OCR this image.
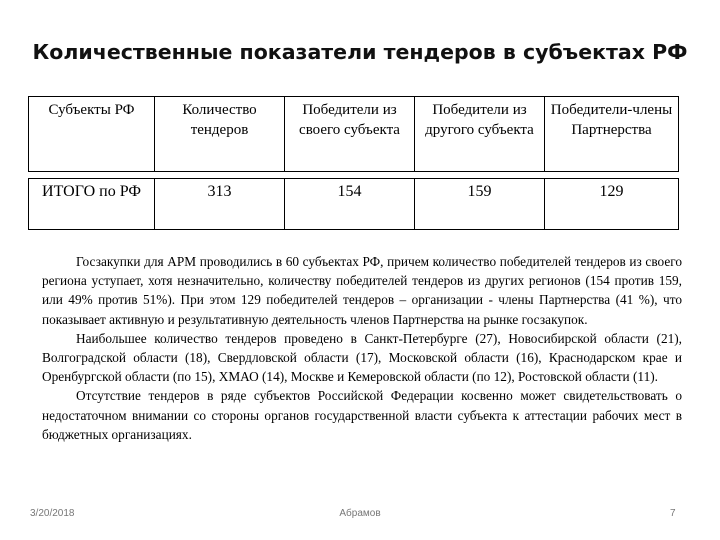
Количественные показатели тендеров в субъектах РФ
Субъекты РФ	Количество тендеров	Победители из своего субъекта	Победители из другого субъекта	Победители-члены Партнерства

ИТОГО по РФ	313	154	159	129

Госзакупки для АРМ проводились в 60 субъектах РФ, причем количество победителей тендеров из своего региона уступает, хотя незначительно, количеству победителей тендеров из других регионов (154 против 159, или 49% против 51%). При этом 129 победителей тендеров – организации - члены Партнерства (41 %), что показывает активную и результативную деятельность членов Партнерства на рынке госзакупок.

Наибольшее количество тендеров проведено в Санкт-Петербурге (27), Новосибирской области (21), Волгоградской области (18), Свердловской области (17), Московской области (16), Краснодарском крае и Оренбургской области (по 15), ХМАО (14), Москве и Кемеровской области (по 12), Ростовской области (11).

Отсутствие тендеров в ряде субъектов Российской Федерации косвенно может свидетельствовать о недостаточном внимании со стороны органов государственной власти субъекта к аттестации рабочих мест в бюджетных организациях.

3/20/2018	Абрамов	7
